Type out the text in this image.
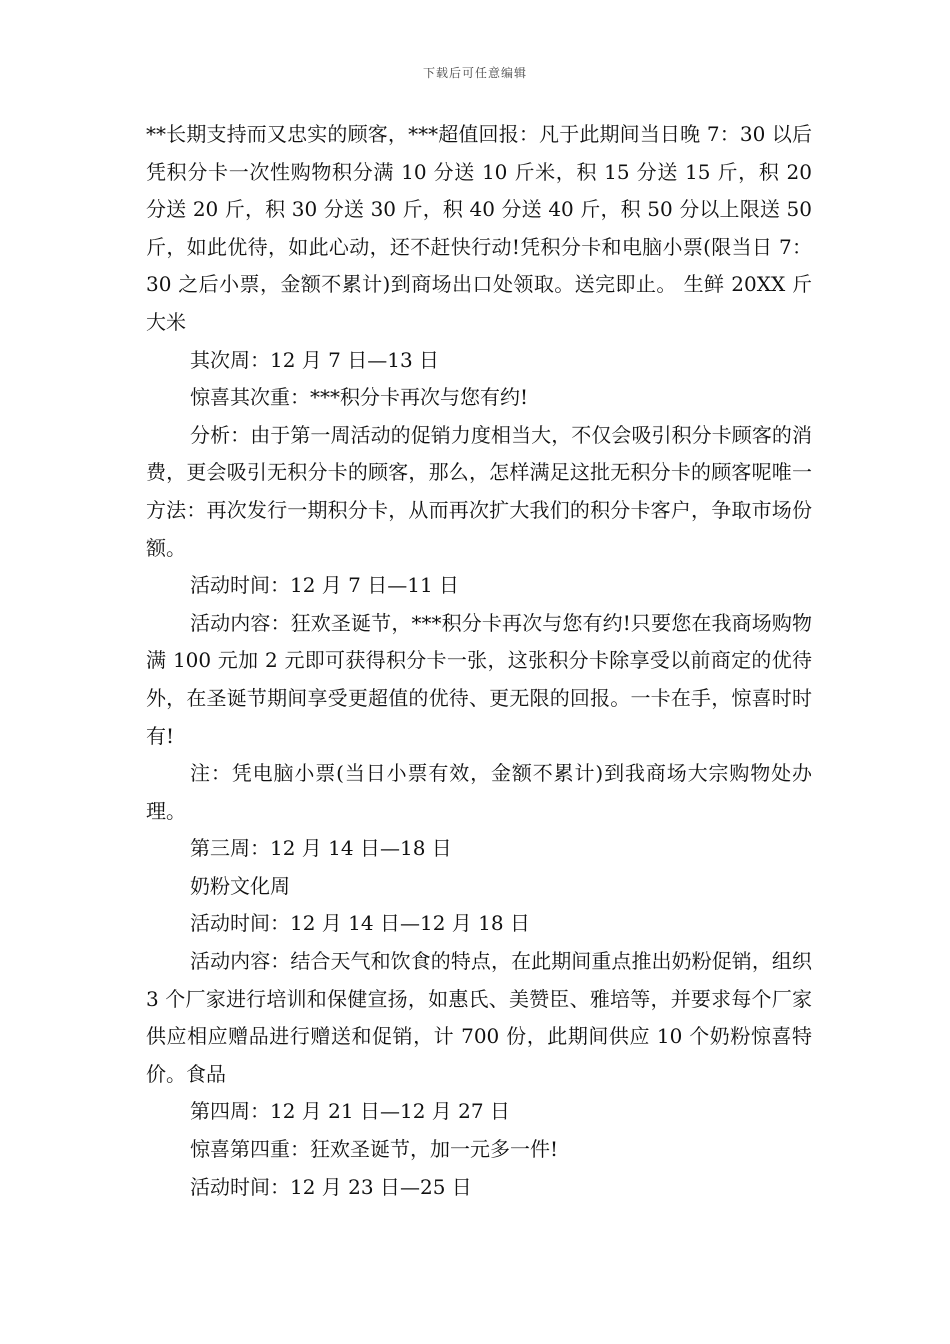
下载后可任意编辑

**长期支持而又忠实的顾客，***超值回报：凡于此期间当日晚 7：30 以后凭积分卡一次性购物积分满 10 分送 10 斤米，积 15 分送 15 斤，积 20 分送 20 斤，积 30 分送 30 斤，积 40 分送 40 斤，积 50 分以上限送 50 斤，如此优待，如此心动，还不赶快行动!凭积分卡和电脑小票(限当日 7：30 之后小票，金额不累计)到商场出口处领取。送完即止。 生鲜 20XX 斤大米

其次周：12 月 7 日—13 日

惊喜其次重：***积分卡再次与您有约!

分析：由于第一周活动的促销力度相当大，不仅会吸引积分卡顾客的消费，更会吸引无积分卡的顾客，那么，怎样满足这批无积分卡的顾客呢唯一方法：再次发行一期积分卡，从而再次扩大我们的积分卡客户，争取市场份额。

活动时间：12 月 7 日—11 日

活动内容：狂欢圣诞节，***积分卡再次与您有约!只要您在我商场购物满 100 元加 2 元即可获得积分卡一张，这张积分卡除享受以前商定的优待外，在圣诞节期间享受更超值的优待、更无限的回报。一卡在手，惊喜时时有!

注：凭电脑小票(当日小票有效，金额不累计)到我商场大宗购物处办理。

第三周：12 月 14 日—18 日

奶粉文化周

活动时间：12 月 14 日—12 月 18 日

活动内容：结合天气和饮食的特点，在此期间重点推出奶粉促销，组织 3 个厂家进行培训和保健宣扬，如惠氏、美赞臣、雅培等，并要求每个厂家供应相应赠品进行赠送和促销，计 700 份，此期间供应 10 个奶粉惊喜特价。食品

第四周：12 月 21 日—12 月 27 日

惊喜第四重：狂欢圣诞节，加一元多一件!

活动时间：12 月 23 日—25 日
